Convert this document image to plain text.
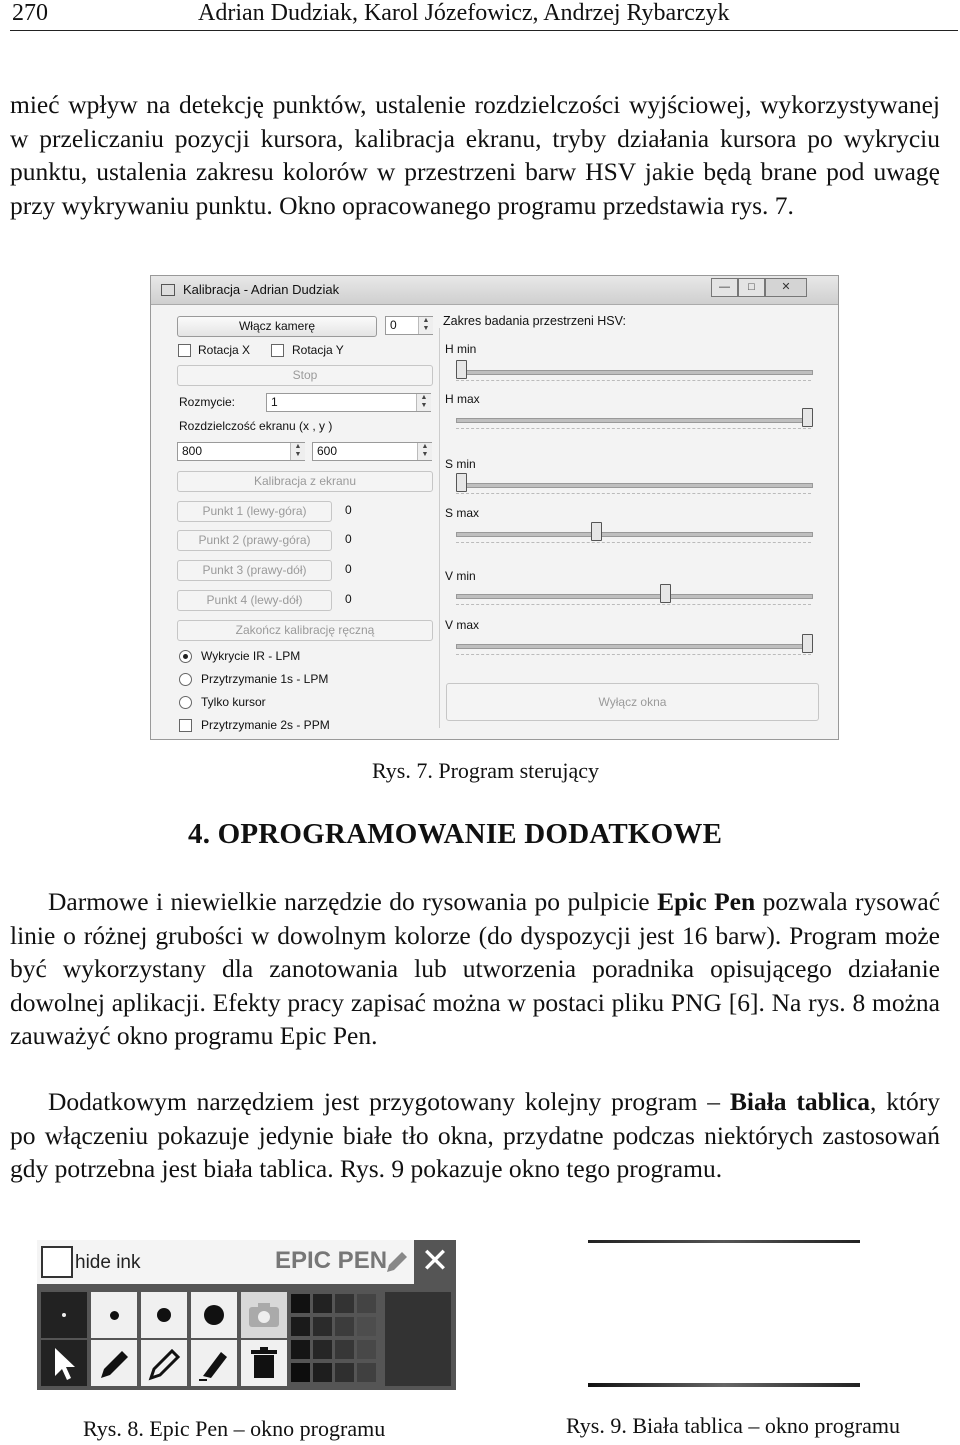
270	Adrian Dudziak, Karol Józefowicz, Andrzej Rybarczyk
mieć wpływ na detekcję punktów, ustalenie rozdzielczości wyjściowej, wykorzystywanej w przeliczaniu pozycji kursora, kalibracja ekranu, tryby działania kursora po wykryciu punktu, ustalenia zakresu kolorów w przestrzeni barw HSV jakie będą brane pod uwagę przy wykrywaniu punktu. Okno opracowanego programu przedstawia rys. 7.
Kalibracja - Adrian Dudziak	—	□	✕
Włącz kamerę	0	▲
▼
Rotacja X	Rotacja Y
Stop
Rozmycie:	1	▲
▼
Rozdzielczość ekranu (x , y )
800	▲
▼	600	▲
▼
Kalibracja z ekranu
Punkt 1 (lewy-góra)	0
Punkt 2 (prawy-góra)	0
Punkt 3 (prawy-dół)	0
Punkt 4 (lewy-dół)	0
Zakończ kalibrację ręczną
Wykrycie IR - LPM
Przytrzymanie 1s - LPM
Tylko kursor
Przytrzymanie 2s - PPM
Zakres badania przestrzeni HSV:
H min
H max
S min
S max
V min
V max
Wyłącz okna
Rys. 7. Program sterujący
4. OPROGRAMOWANIE DODATKOWE
Darmowe i niewielkie narzędzie do rysowania po pulpicie Epic Pen pozwala rysować linie o różnej grubości w dowolnym kolorze (do dyspozycji jest 16 barw). Program może być wykorzystany dla zanotowania lub utworzenia poradnika opisującego działanie dowolnej aplikacji. Efekty pracy zapisać można w postaci pliku PNG [6]. Na rys. 8 można zauważyć okno programu Epic Pen.
Dodatkowym narzędziem jest przygotowany kolejny program – Biała tablica, który po włączeniu pokazuje jedynie białe tło okna, przydatne podczas niektórych zastosowań gdy potrzebna jest biała tablica. Rys. 9 pokazuje okno tego programu.
hide ink	EPIC PEN ✕
Rys. 8. Epic Pen – okno programu	Rys. 9. Biała tablica – okno programu
